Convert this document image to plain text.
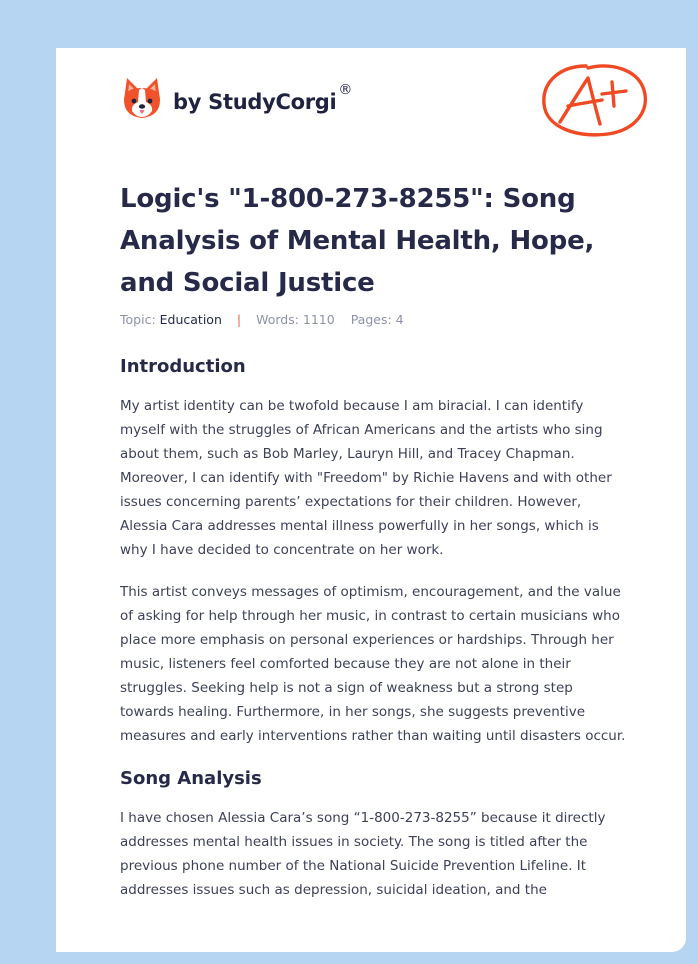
by StudyCorgi ®
Logic's "1-800-273-8255": Song Analysis of Mental Health, Hope, and Social Justice
Topic: Education | Words: 1110 Pages: 4
Introduction

My artist identity can be twofold because I am biracial. I can identify myself with the struggles of African Americans and the artists who sing about them, such as Bob Marley, Lauryn Hill, and Tracey Chapman. Moreover, I can identify with "Freedom" by Richie Havens and with other issues concerning parents’ expectations for their children. However, Alessia Cara addresses mental illness powerfully in her songs, which is why I have decided to concentrate on her work.

This artist conveys messages of optimism, encouragement, and the value of asking for help through her music, in contrast to certain musicians who place more emphasis on personal experiences or hardships. Through her music, listeners feel comforted because they are not alone in their struggles. Seeking help is not a sign of weakness but a strong step towards healing. Furthermore, in her songs, she suggests preventive measures and early interventions rather than waiting until disasters occur.

Song Analysis

I have chosen Alessia Cara’s song “1-800-273-8255” because it directly addresses mental health issues in society. The song is titled after the previous phone number of the National Suicide Prevention Lifeline. It addresses issues such as depression, suicidal ideation, and the
